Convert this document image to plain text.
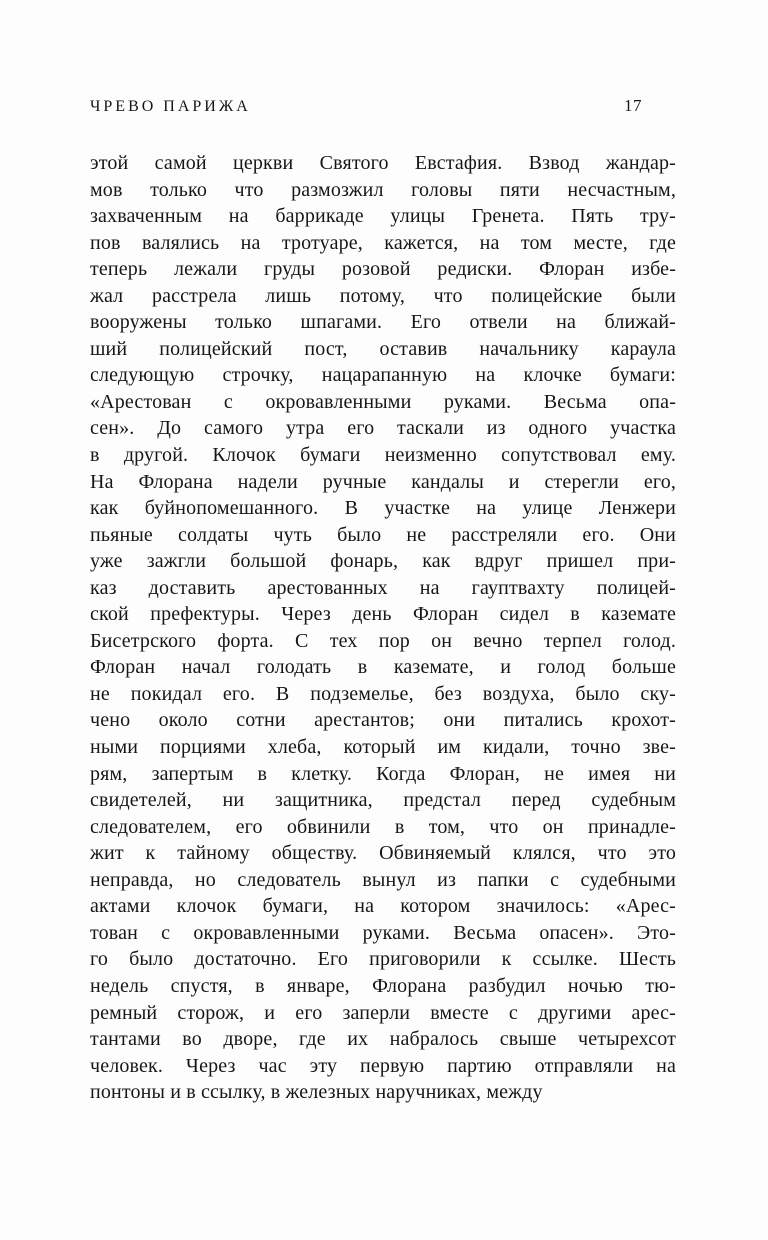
ЧРЕВО ПАРИЖА	17
этой самой церкви Святого Евстафия. Взвод жандар-
мов только что размозжил головы пяти несчастным,
захваченным на баррикаде улицы Гренета. Пять тру-
пов валялись на тротуаре, кажется, на том месте, где
теперь лежали груды розовой редиски. Флоран избе-
жал расстрела лишь потому, что полицейские были
вооружены только шпагами. Его отвели на ближай-
ший полицейский пост, оставив начальнику караула
следующую строчку, нацарапанную на клочке бумаги:
«Арестован с окровавленными руками. Весьма опа-
сен». До самого утра его таскали из одного участка
в другой. Клочок бумаги неизменно сопутствовал ему.
На Флорана надели ручные кандалы и стерегли его,
как буйнопомешанного. В участке на улице Ленжери
пьяные солдаты чуть было не расстреляли его. Они
уже зажгли большой фонарь, как вдруг пришел при-
каз доставить арестованных на гауптвахту полицей-
ской префектуры. Через день Флоран сидел в каземате
Бисетрского форта. С тех пор он вечно терпел голод.
Флоран начал голодать в каземате, и голод больше
не покидал его. В подземелье, без воздуха, было ску-
чено около сотни арестантов; они питались крохот-
ными порциями хлеба, который им кидали, точно зве-
рям, запертым в клетку. Когда Флоран, не имея ни
свидетелей, ни защитника, предстал перед судебным
следователем, его обвинили в том, что он принадле-
жит к тайному обществу. Обвиняемый клялся, что это
неправда, но следователь вынул из папки с судебными
актами клочок бумаги, на котором значилось: «Арес-
тован с окровавленными руками. Весьма опасен». Это-
го было достаточно. Его приговорили к ссылке. Шесть
недель спустя, в январе, Флорана разбудил ночью тю-
ремный сторож, и его заперли вместе с другими арес-
тантами во дворе, где их набралось свыше четырехсот
человек. Через час эту первую партию отправляли на
понтоны и в ссылку, в железных наручниках, между
